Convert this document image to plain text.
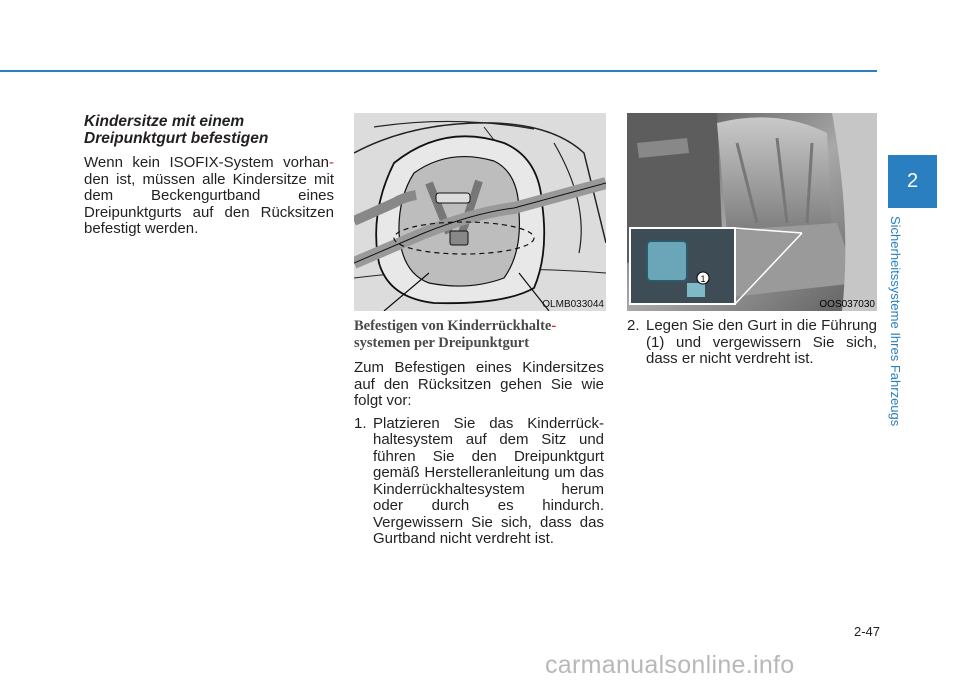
Kindersitze mit einem
Dreipunktgurt befestigen

Wenn kein ISOFIX-System vorhan- den ist, müssen alle Kindersitze mit dem Beckengurtband eines Dreipunktgurts auf den Rücksitzen befestigt werden.

OLMB033044
1
OOS037030

Befestigen von Kinderrückhalte-
systemen per Dreipunktgurt

Zum Befestigen eines Kindersitzes auf den Rücksitzen gehen Sie wie folgt vor:

1. Platzieren Sie das Kinderrück-haltesystem auf dem Sitz und führen Sie den Dreipunktgurt gemäß Herstelleranleitung um das Kinderrückhaltesystem herum oder durch es hindurch. Vergewissern Sie sich, dass das Gurtband nicht verdreht ist.
2. Legen Sie den Gurt in die Führung (1) und vergewissern Sie sich, dass er nicht verdreht ist.
2
Sicherheitssysteme Ihres Fahrzeugs
2-47
carmanualsonline.info
